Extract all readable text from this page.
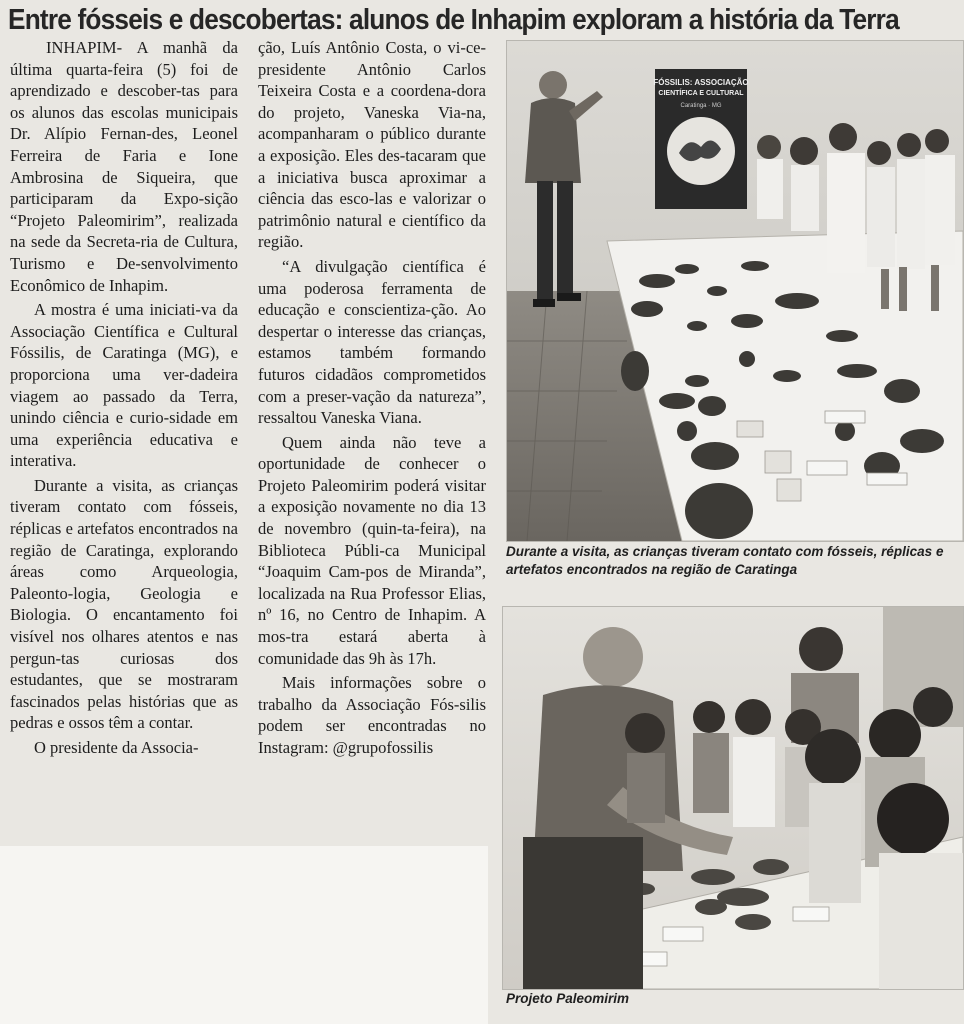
Entre fósseis e descobertas: alunos de Inhapim exploram a história da Terra

INHAPIM- A manhã da última quarta-feira (5) foi de aprendizado e descober-tas para os alunos das escolas municipais Dr. Alípio Fernan-des, Leonel Ferreira de Faria e Ione Ambrosina de Siqueira, que participaram da Expo-sição “Projeto Paleomirim”, realizada na sede da Secreta-ria de Cultura, Turismo e De-senvolvimento Econômico de Inhapim.

A mostra é uma iniciati-va da Associação Científica e Cultural Fóssilis, de Caratinga (MG), e proporciona uma ver-dadeira viagem ao passado da Terra, unindo ciência e curio-sidade em uma experiência educativa e interativa.

Durante a visita, as crianças tiveram contato com fósseis, réplicas e artefatos encontrados na região de Caratinga, explorando áreas como Arqueologia, Paleonto-logia, Geologia e Biologia. O encantamento foi visível nos olhares atentos e nas pergun-tas curiosas dos estudantes, que se mostraram fascinados pelas histórias que as pedras e ossos têm a contar.

O presidente da Associa-

ção, Luís Antônio Costa, o vi-ce-presidente Antônio Carlos Teixeira Costa e a coordena-dora do projeto, Vaneska Via-na, acompanharam o público durante a exposição. Eles des-tacaram que a iniciativa busca aproximar a ciência das esco-las e valorizar o patrimônio natural e científico da região.

“A divulgação científica é uma poderosa ferramenta de educação e conscientiza-ção. Ao despertar o interesse das crianças, estamos também formando futuros cidadãos comprometidos com a preser-vação da natureza”, ressaltou Vaneska Viana.

Quem ainda não teve a oportunidade de conhecer o Projeto Paleomirim poderá visitar a exposição novamente no dia 13 de novembro (quin-ta-feira), na Biblioteca Públi-ca Municipal “Joaquim Cam-pos de Miranda”, localizada na Rua Professor Elias, nº 16, no Centro de Inhapim. A mos-tra estará aberta à comunidade das 9h às 17h.

Mais informações sobre o trabalho da Associação Fós-silis podem ser encontradas no Instagram: @grupofossilis

FÓSSILIS: ASSOCIAÇÃO
CIENTÍFICA E CULTURAL
Caratinga · MG
Durante a visita, as crianças tiveram contato com fósseis, réplicas e artefatos encontrados na região de Caratinga
Projeto Paleomirim
